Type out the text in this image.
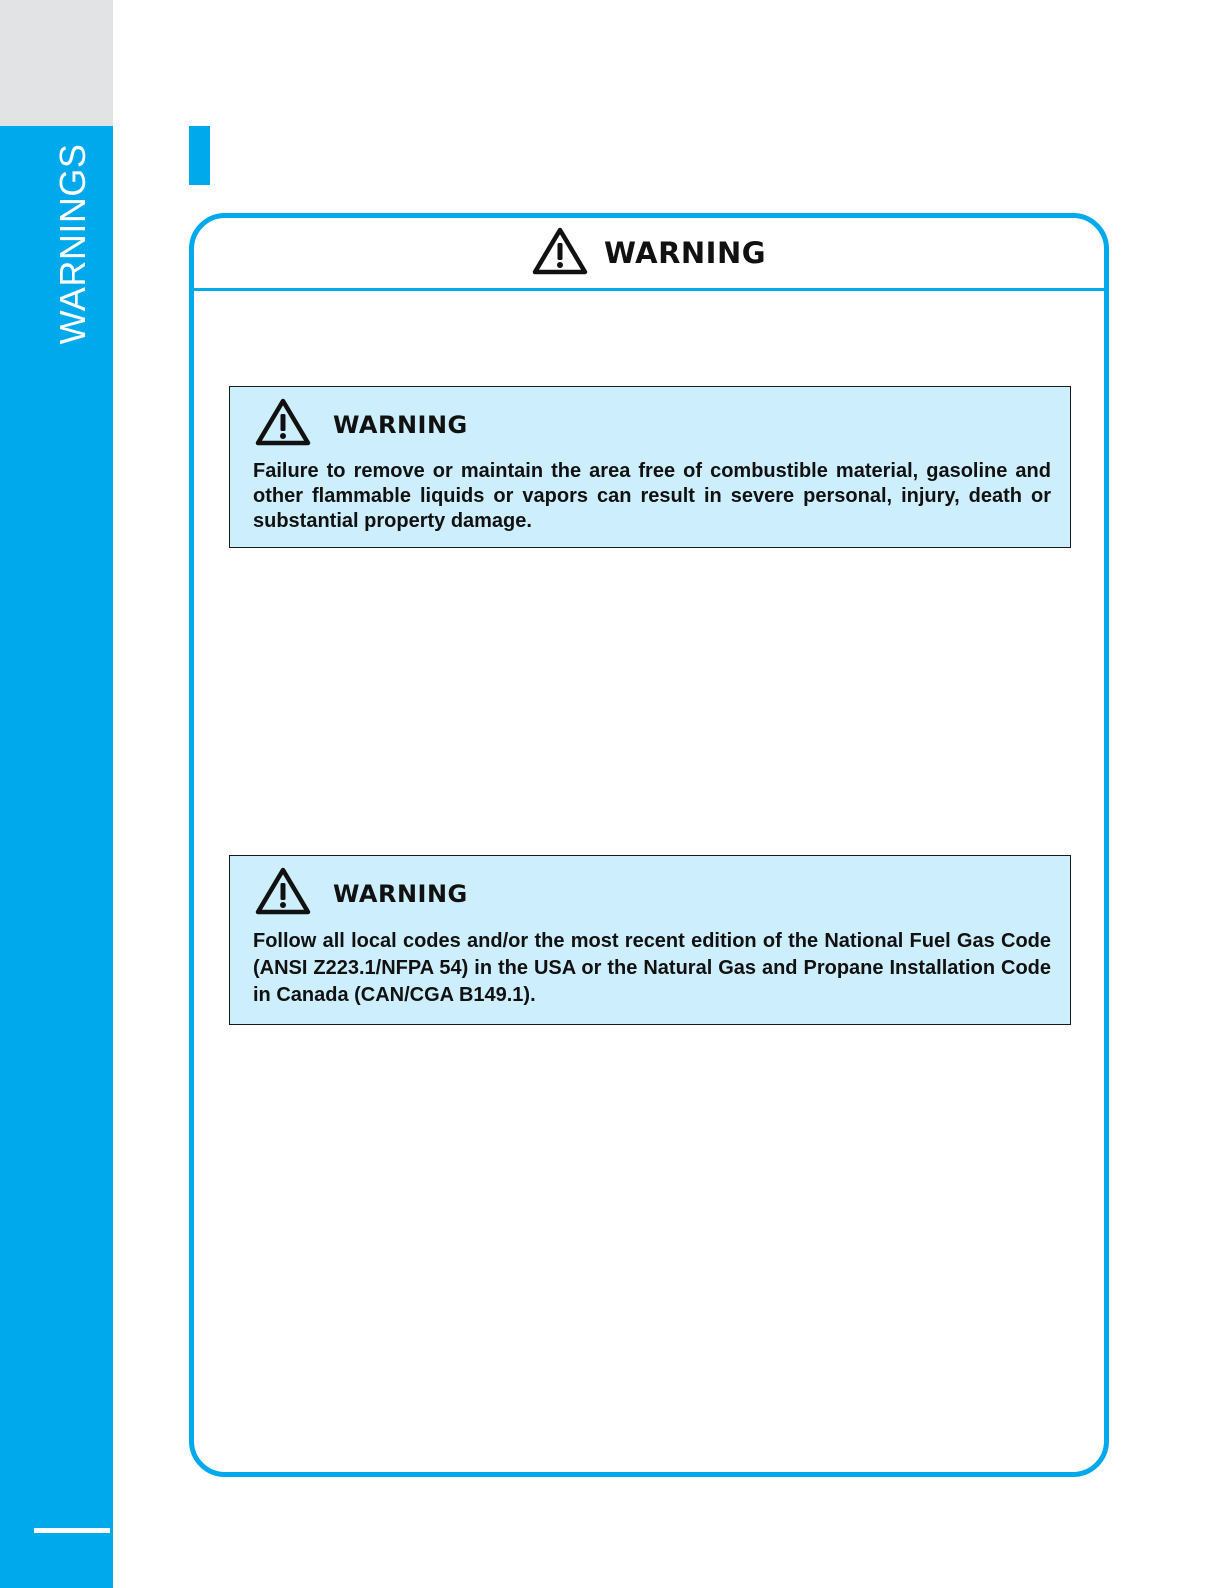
WARNINGS	WARNING
WARNING
Failure to remove or maintain the area free of combustible material, gasoline and other flammable liquids or vapors can result in severe personal, injury, death or substantial property damage.
WARNING
Follow all local codes and/or the most recent edition of the National Fuel Gas Code (ANSI Z223.1/NFPA 54) in the USA or the Natural Gas and Propane Installation Code in Canada (CAN/CGA B149.1).
